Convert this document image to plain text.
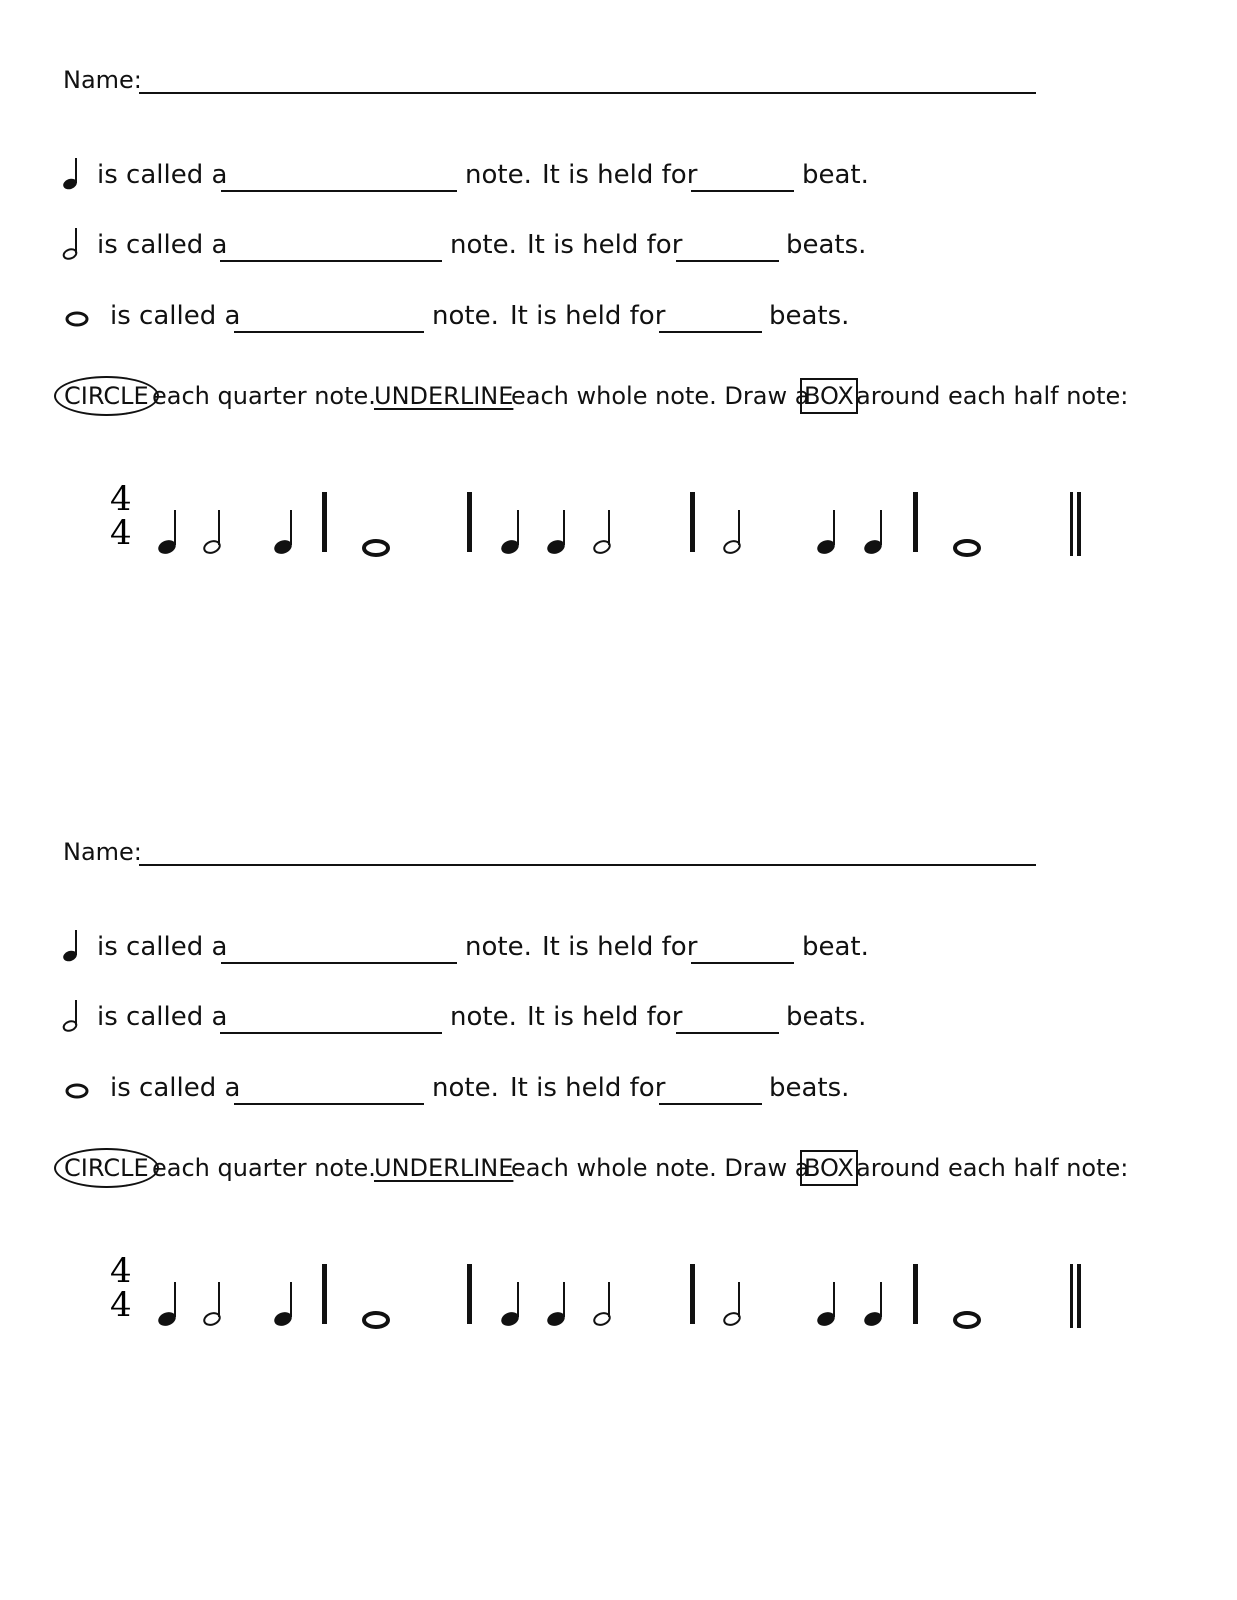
Name:
is called a	note. It is held for	beat.
is called a	note. It is held for	beats.
is called a	note. It is held for	beats.
CIRCLE each quarter note.
UNDERLINE
each whole note. Draw a
BOX around each half note:
4
4
Name:
is called a	note. It is held for	beat.
is called a	note. It is held for	beats.
is called a	note. It is held for	beats.
CIRCLE each quarter note.
UNDERLINE
each whole note. Draw a
BOX around each half note:
4
4
